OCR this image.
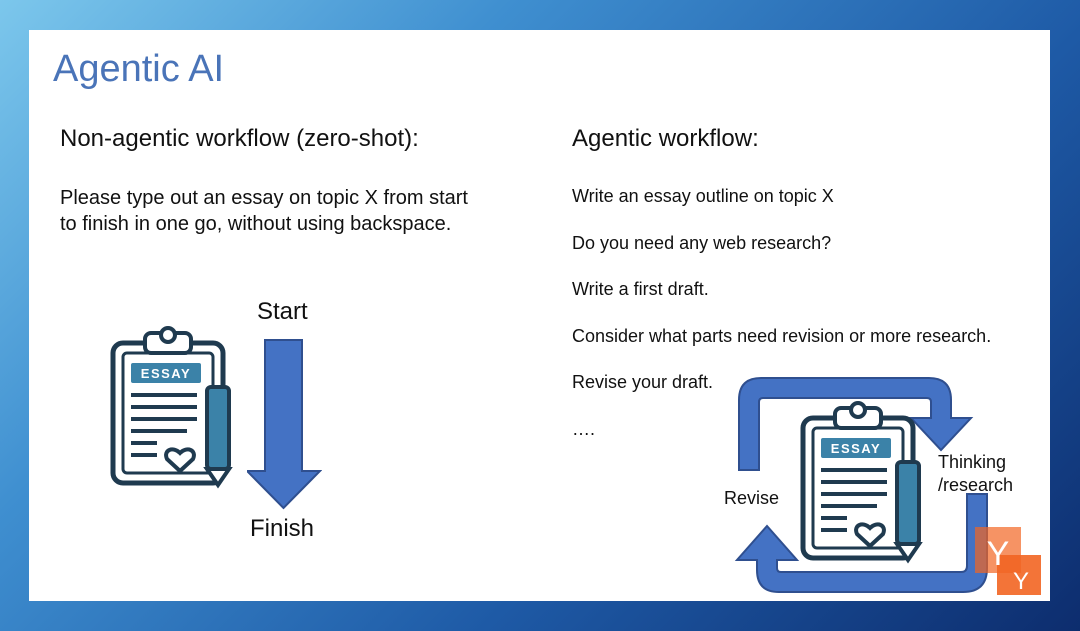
Agentic AI
Non-agentic workflow (zero-shot):
Please type out an essay on topic X from start to finish in one go, without using backspace.
Agentic workflow:
Write an essay outline on topic X
Do you need any web research?
Write a first draft.
Consider what parts need revision or more research.
Revise your draft.
….
ESSAY
Start
Finish
ESSAY
Revise
Thinking
/research
Y
Y
